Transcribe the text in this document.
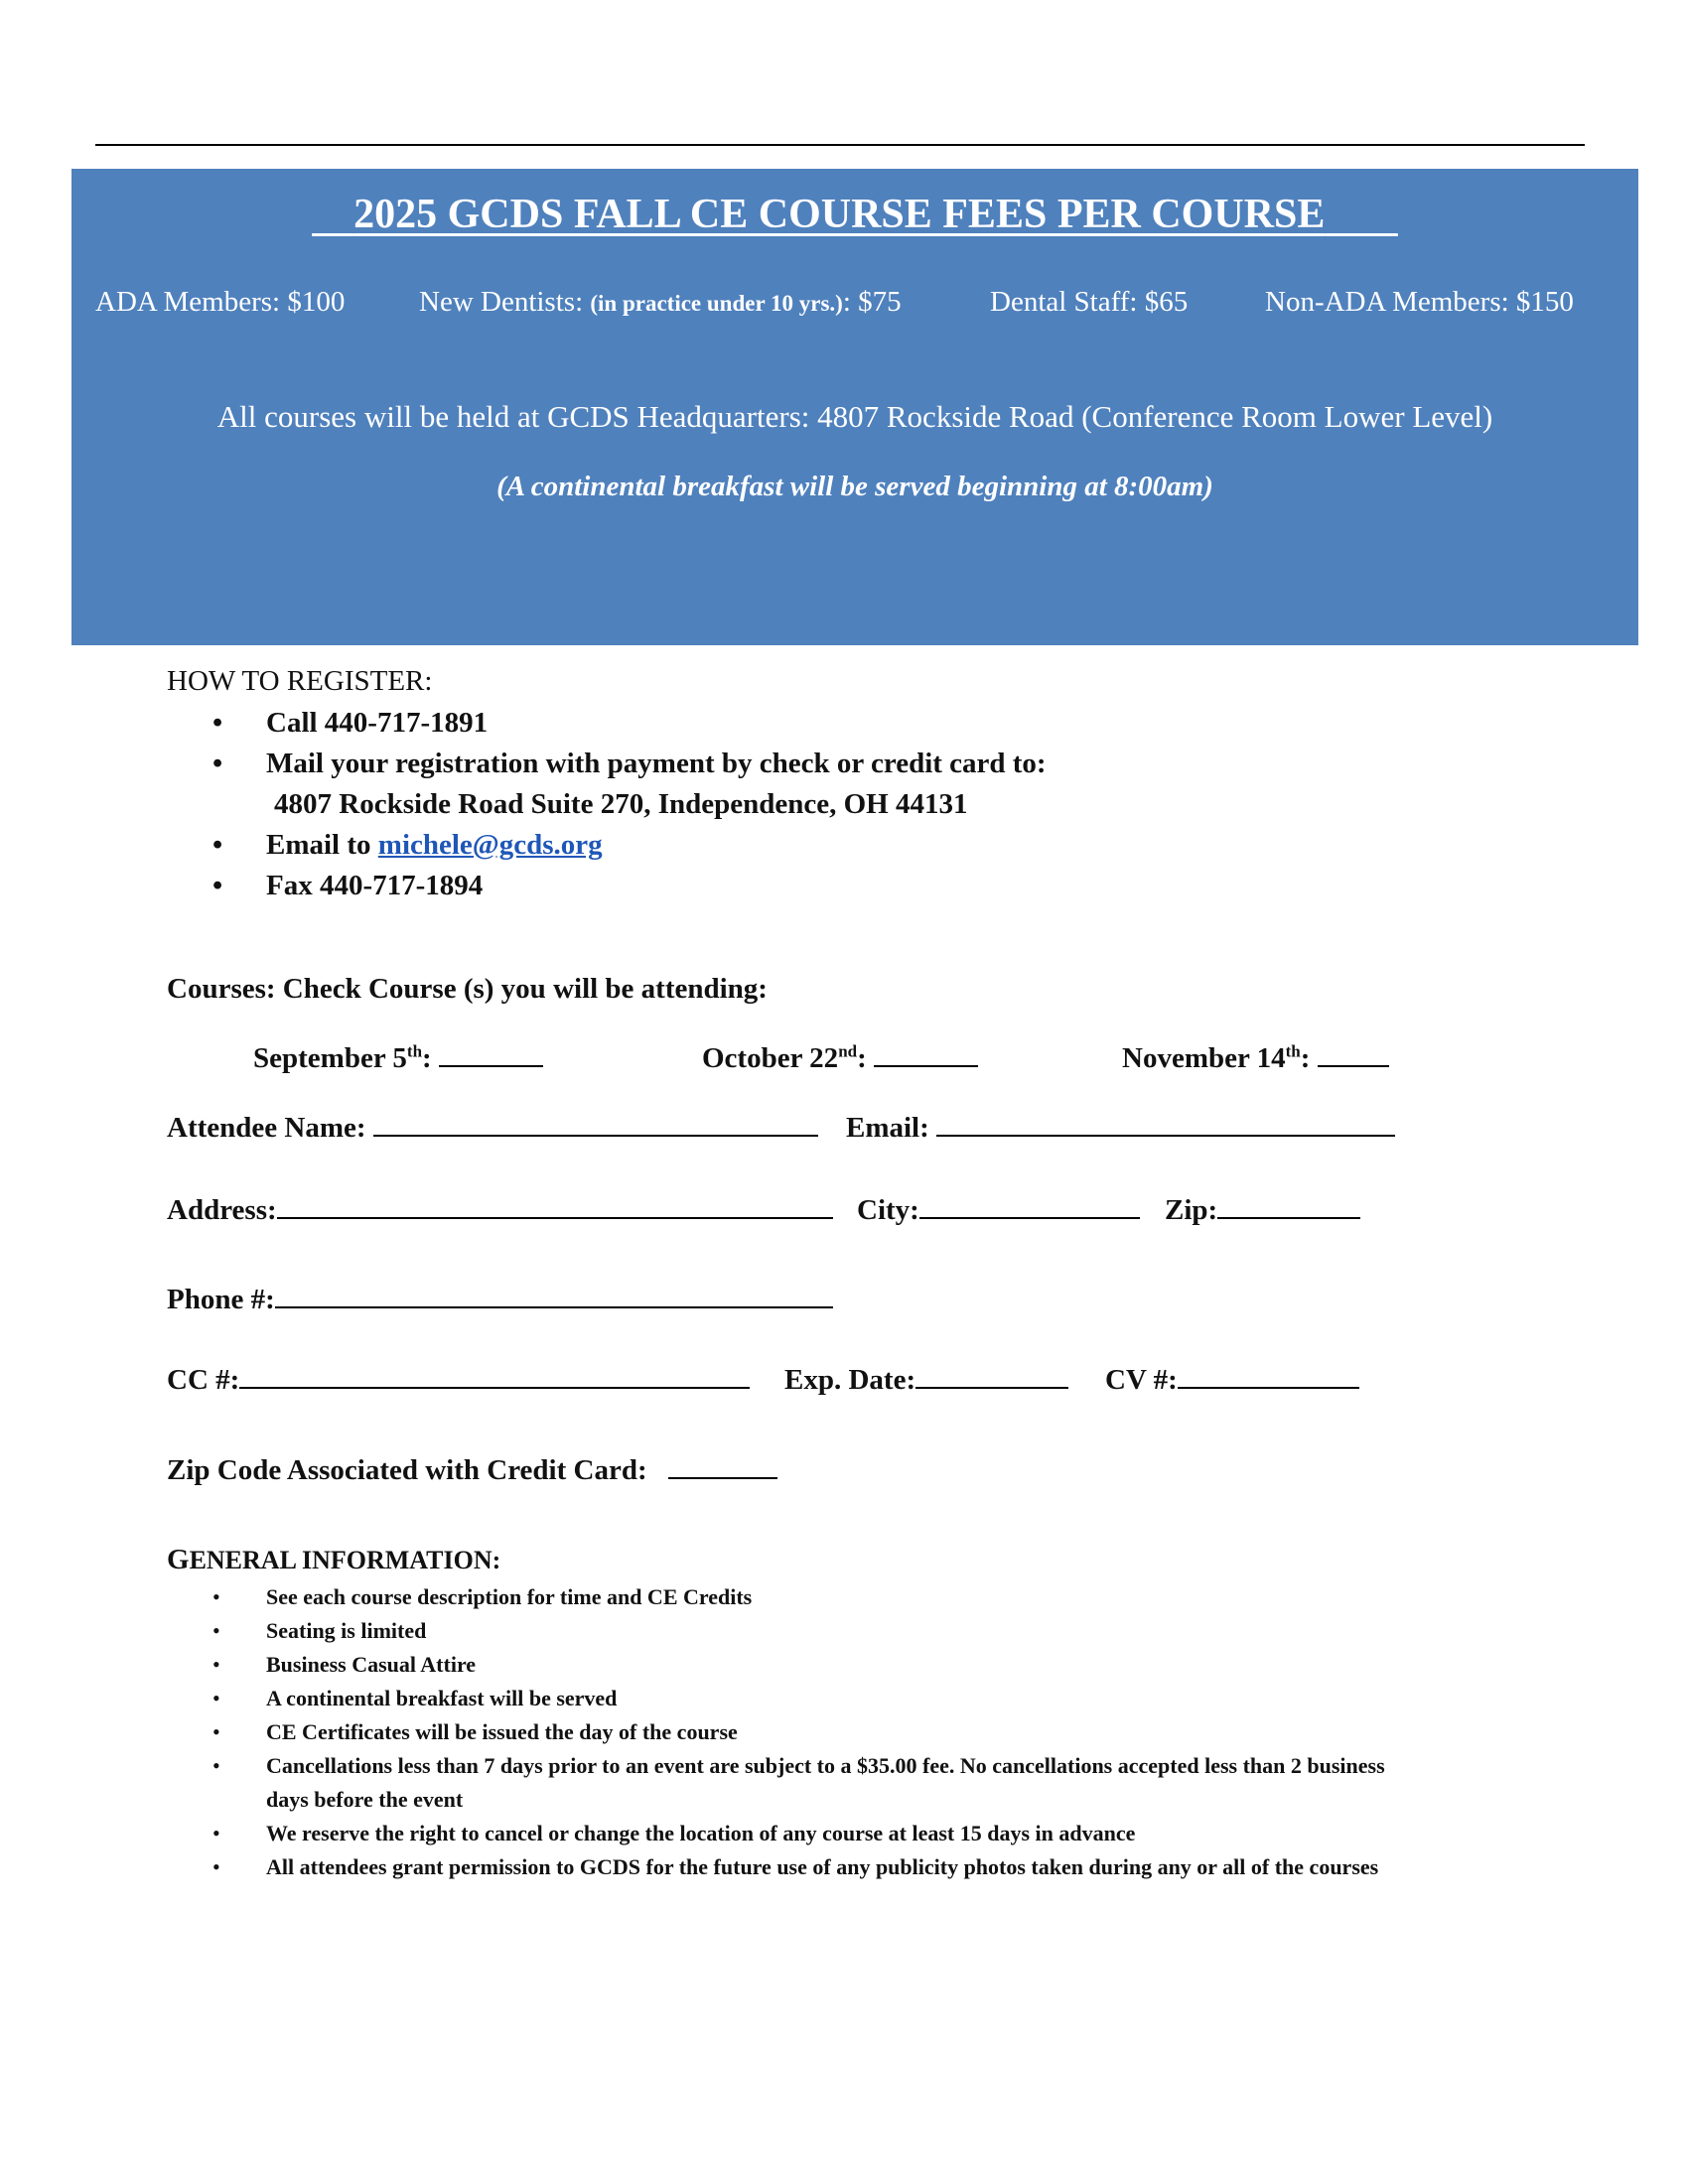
2025 GCDS FALL CE COURSE FEES PER COURSE
ADA Members: $100	New Dentists: (in practice under 10 yrs.): $75	Dental Staff: $65	Non-ADA Members: $150
All courses will be held at GCDS Headquarters: 4807 Rockside Road (Conference Room Lower Level)
(A continental breakfast will be served beginning at 8:00am)
HOW TO REGISTER:
• Call 440-717-1891
• Mail your registration with payment by check or credit card to:
4807 Rockside Road Suite 270, Independence, OH 44131
• Email to michele@gcds.org
• Fax 440-717-1894
Courses: Check Course (s) you will be attending:
September 5th:	October 22nd:	November 14th:
Attendee Name:	Email:
Address:	City:	Zip:
Phone #:
CC #:	Exp. Date:	CV #:
Zip Code Associated with Credit Card:
GENERAL INFORMATION:
• See each course description for time and CE Credits
• Seating is limited
• Business Casual Attire
• A continental breakfast will be served
• CE Certificates will be issued the day of the course
• Cancellations less than 7 days prior to an event are subject to a $35.00 fee. No cancellations accepted less than 2 business days before the event
• We reserve the right to cancel or change the location of any course at least 15 days in advance
• All attendees grant permission to GCDS for the future use of any publicity photos taken during any or all of the courses
